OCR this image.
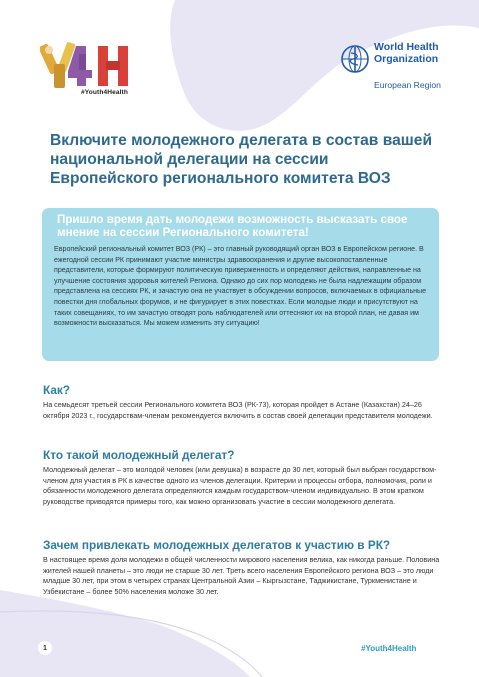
#Youth4Health
World Health
Organization
European Region
Включите молодежного делегата в состав вашей национальной делегации на сессии Европейского регионального комитета ВОЗ

Пришло время дать молодежи возможность высказать свое мнение на сессии Регионального комитета!

Европейский региональный комитет ВОЗ (РК) – это главный руководящий орган ВОЗ в Европейском регионе. В ежегодной сессии РК принимают участие министры здравоохранения и другие высокопоставленные представители, которые формируют политическую приверженность и определяют действия, направленные на улучшение состояния здоровья жителей Региона. Однако до сих пор молодежь не была надлежащим образом представлена на сессиях РК, и зачастую она не участвует в обсуждении вопросов, включаемых в официальные повестки дня глобальных форумов, и не фигурирует в этих повестках. Если молодые люди и присутствуют на таких совещаниях, то им зачастую отводят роль наблюдателей или оттесняют их на второй план, не давая им возможности высказаться. Мы можем изменить эту ситуацию!

Как?

На семьдесят третьей сессии Регионального комитета ВОЗ (РК-73), которая пройдет в Астане (Казахстан) 24–26 октября 2023 г., государствам-членам рекомендуется включить в состав своей делегации представителя молодежи.

Кто такой молодежный делегат?

Молодежный делегат – это молодой человек (или девушка) в возрасте до 30 лет, который был выбран государством-членом для участия в РК в качестве одного из членов делегации. Критерии и процессы отбора, полномочия, роли и обязанности молодежного делегата определяются каждым государством-членом индивидуально. В этом кратком руководстве приводятся примеры того, как можно организовать участие в сессии молодежного делегата.

Зачем привлекать молодежных делегатов к участию в РК?

В настоящее время доля молодежи в общей численности мирового населения велика, как никогда раньше. Половина жителей нашей планеты – это люди не старше 30 лет. Треть всего населения Европейского региона ВОЗ – это люди младше 30 лет, при этом в четырех странах Центральной Азии – Кыргызстане, Таджикистане, Туркменистане и Узбекистане – более 50% населения моложе 30 лет.

1	#Youth4Health
